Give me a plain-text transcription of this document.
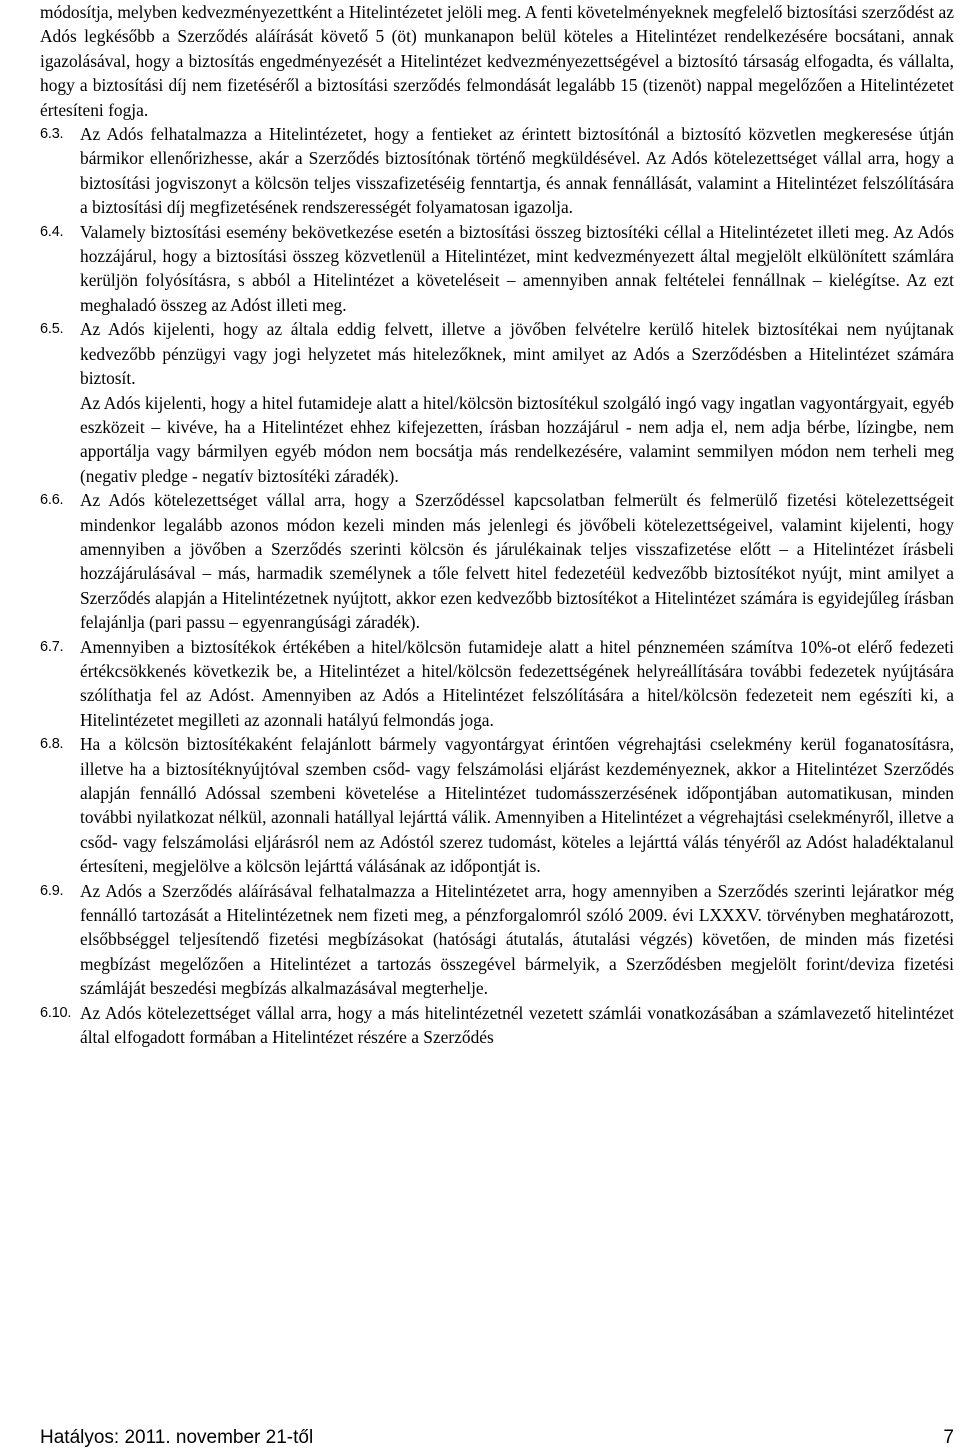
módosítja, melyben kedvezményezettként a Hitelintézetet jelöli meg. A fenti követelményeknek megfelelő biztosítási szerződést az Adós legkésőbb a Szerződés aláírását követő 5 (öt) munkanapon belül köteles a Hitelintézet rendelkezésére bocsátani, annak igazolásával, hogy a biztosítás engedményezését a Hitelintézet kedvezményezettségével a biztosító társaság elfogadta, és vállalta, hogy a biztosítási díj nem fizetéséről a biztosítási szerződés felmondását legalább 15 (tizenöt) nappal megelőzően a Hitelintézetet értesíteni fogja.

6.3. Az Adós felhatalmazza a Hitelintézetet, hogy a fentieket az érintett biztosítónál a biztosító közvetlen megkeresése útján bármikor ellenőrizhesse, akár a Szerződés biztosítónak történő megküldésével. Az Adós kötelezettséget vállal arra, hogy a biztosítási jogviszonyt a kölcsön teljes visszafizetéséig fenntartja, és annak fennállását, valamint a Hitelintézet felszólítására a biztosítási díj megfizetésének rendszerességét folyamatosan igazolja.
6.4. Valamely biztosítási esemény bekövetkezése esetén a biztosítási összeg biztosítéki céllal a Hitelintézetet illeti meg. Az Adós hozzájárul, hogy a biztosítási összeg közvetlenül a Hitelintézet, mint kedvezményezett által megjelölt elkülönített számlára kerüljön folyósításra, s abból a Hitelintézet a követeléseit – amennyiben annak feltételei fennállnak – kielégítse. Az ezt meghaladó összeg az Adóst illeti meg.
6.5. Az Adós kijelenti, hogy az általa eddig felvett, illetve a jövőben felvételre kerülő hitelek biztosítékai nem nyújtanak kedvezőbb pénzügyi vagy jogi helyzetet más hitelezőknek, mint amilyet az Adós a Szerződésben a Hitelintézet számára biztosít.

Az Adós kijelenti, hogy a hitel futamideje alatt a hitel/kölcsön biztosítékul szolgáló ingó vagy ingatlan vagyontárgyait, egyéb eszközeit – kivéve, ha a Hitelintézet ehhez kifejezetten, írásban hozzájárul - nem adja el, nem adja bérbe, lízingbe, nem apportálja vagy bármilyen egyéb módon nem bocsátja más rendelkezésére, valamint semmilyen módon nem terheli meg (negativ pledge - negatív biztosítéki záradék).

6.6. Az Adós kötelezettséget vállal arra, hogy a Szerződéssel kapcsolatban felmerült és felmerülő fizetési kötelezettségeit mindenkor legalább azonos módon kezeli minden más jelenlegi és jövőbeli kötelezettségeivel, valamint kijelenti, hogy amennyiben a jövőben a Szerződés szerinti kölcsön és járulékainak teljes visszafizetése előtt – a Hitelintézet írásbeli hozzájárulásával – más, harmadik személynek a tőle felvett hitel fedezetéül kedvezőbb biztosítékot nyújt, mint amilyet a Szerződés alapján a Hitelintézetnek nyújtott, akkor ezen kedvezőbb biztosítékot a Hitelintézet számára is egyidejűleg írásban felajánlja (pari passu – egyenrangúsági záradék).
6.7. Amennyiben a biztosítékok értékében a hitel/kölcsön futamideje alatt a hitel pénzneméen számítva 10%-ot elérő fedezeti értékcsökkenés következik be, a Hitelintézet a hitel/kölcsön fedezettségének helyreállítására további fedezetek nyújtására szólíthatja fel az Adóst. Amennyiben az Adós a Hitelintézet felszólítására a hitel/kölcsön fedezeteit nem egészíti ki, a Hitelintézetet megilleti az azonnali hatályú felmondás joga.
6.8. Ha a kölcsön biztosítékaként felajánlott bármely vagyontárgyat érintően végrehajtási cselekmény kerül foganatosításra, illetve ha a biztosítéknyújtóval szemben csőd- vagy felszámolási eljárást kezdeményeznek, akkor a Hitelintézet Szerződés alapján fennálló Adóssal szembeni követelése a Hitelintézet tudomásszerzésének időpontjában automatikusan, minden további nyilatkozat nélkül, azonnali hatállyal lejárttá válik. Amennyiben a Hitelintézet a végrehajtási cselekményről, illetve a csőd- vagy felszámolási eljárásról nem az Adóstól szerez tudomást, köteles a lejárttá válás tényéről az Adóst haladéktalanul értesíteni, megjelölve a kölcsön lejárttá válásának az időpontját is.
6.9. Az Adós a Szerződés aláírásával felhatalmazza a Hitelintézetet arra, hogy amennyiben a Szerződés szerinti lejáratkor még fennálló tartozását a Hitelintézetnek nem fizeti meg, a pénzforgalomról szóló 2009. évi LXXXV. törvényben meghatározott, elsőbbséggel teljesítendő fizetési megbízásokat (hatósági átutalás, átutalási végzés) követően, de minden más fizetési megbízást megelőzően a Hitelintézet a tartozás összegével bármelyik, a Szerződésben megjelölt forint/deviza fizetési számláját beszedési megbízás alkalmazásával megterhelje.
6.10. Az Adós kötelezettséget vállal arra, hogy a más hitelintézetnél vezetett számlái vonatkozásában a számlavezető hitelintézet által elfogadott formában a Hitelintézet részére a Szerződés
Hatályos: 2011. november 21-től	7
